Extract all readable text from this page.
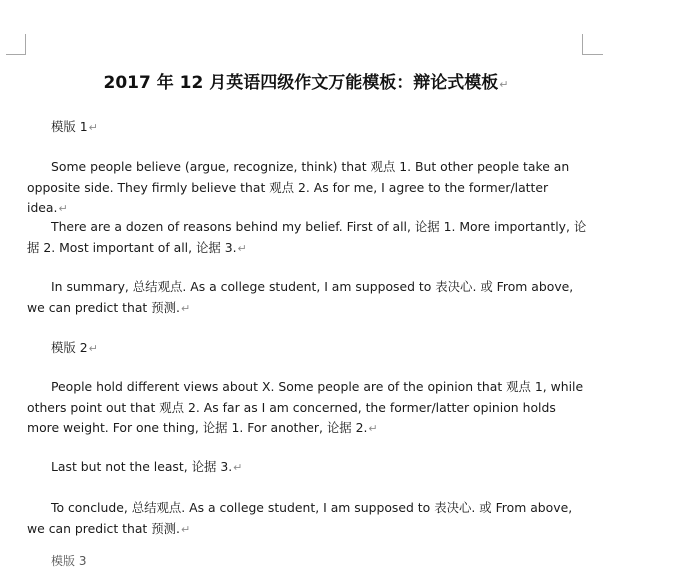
2017 年 12 月英语四级作文万能模板：辩论式模板↵
模版 1↵
Some people believe (argue, recognize, think) that 观点 1. But other people take an opposite side. They firmly believe that 观点 2. As for me, I agree to the former/latter idea.↵
There are a dozen of reasons behind my belief. First of all, 论据 1. More importantly, 论据 2. Most important of all, 论据 3.↵
In summary, 总结观点. As a college student, I am supposed to 表决心. 或 From above, we can predict that 预测.↵
模版 2↵
People hold different views about X. Some people are of the opinion that 观点 1, while others point out that 观点 2. As far as I am concerned, the former/latter opinion holds more weight. For one thing, 论据 1. For another, 论据 2.↵
Last but not the least, 论据 3.↵
To conclude, 总结观点. As a college student, I am supposed to 表决心. 或 From above, we can predict that 预测.↵
模版 3
